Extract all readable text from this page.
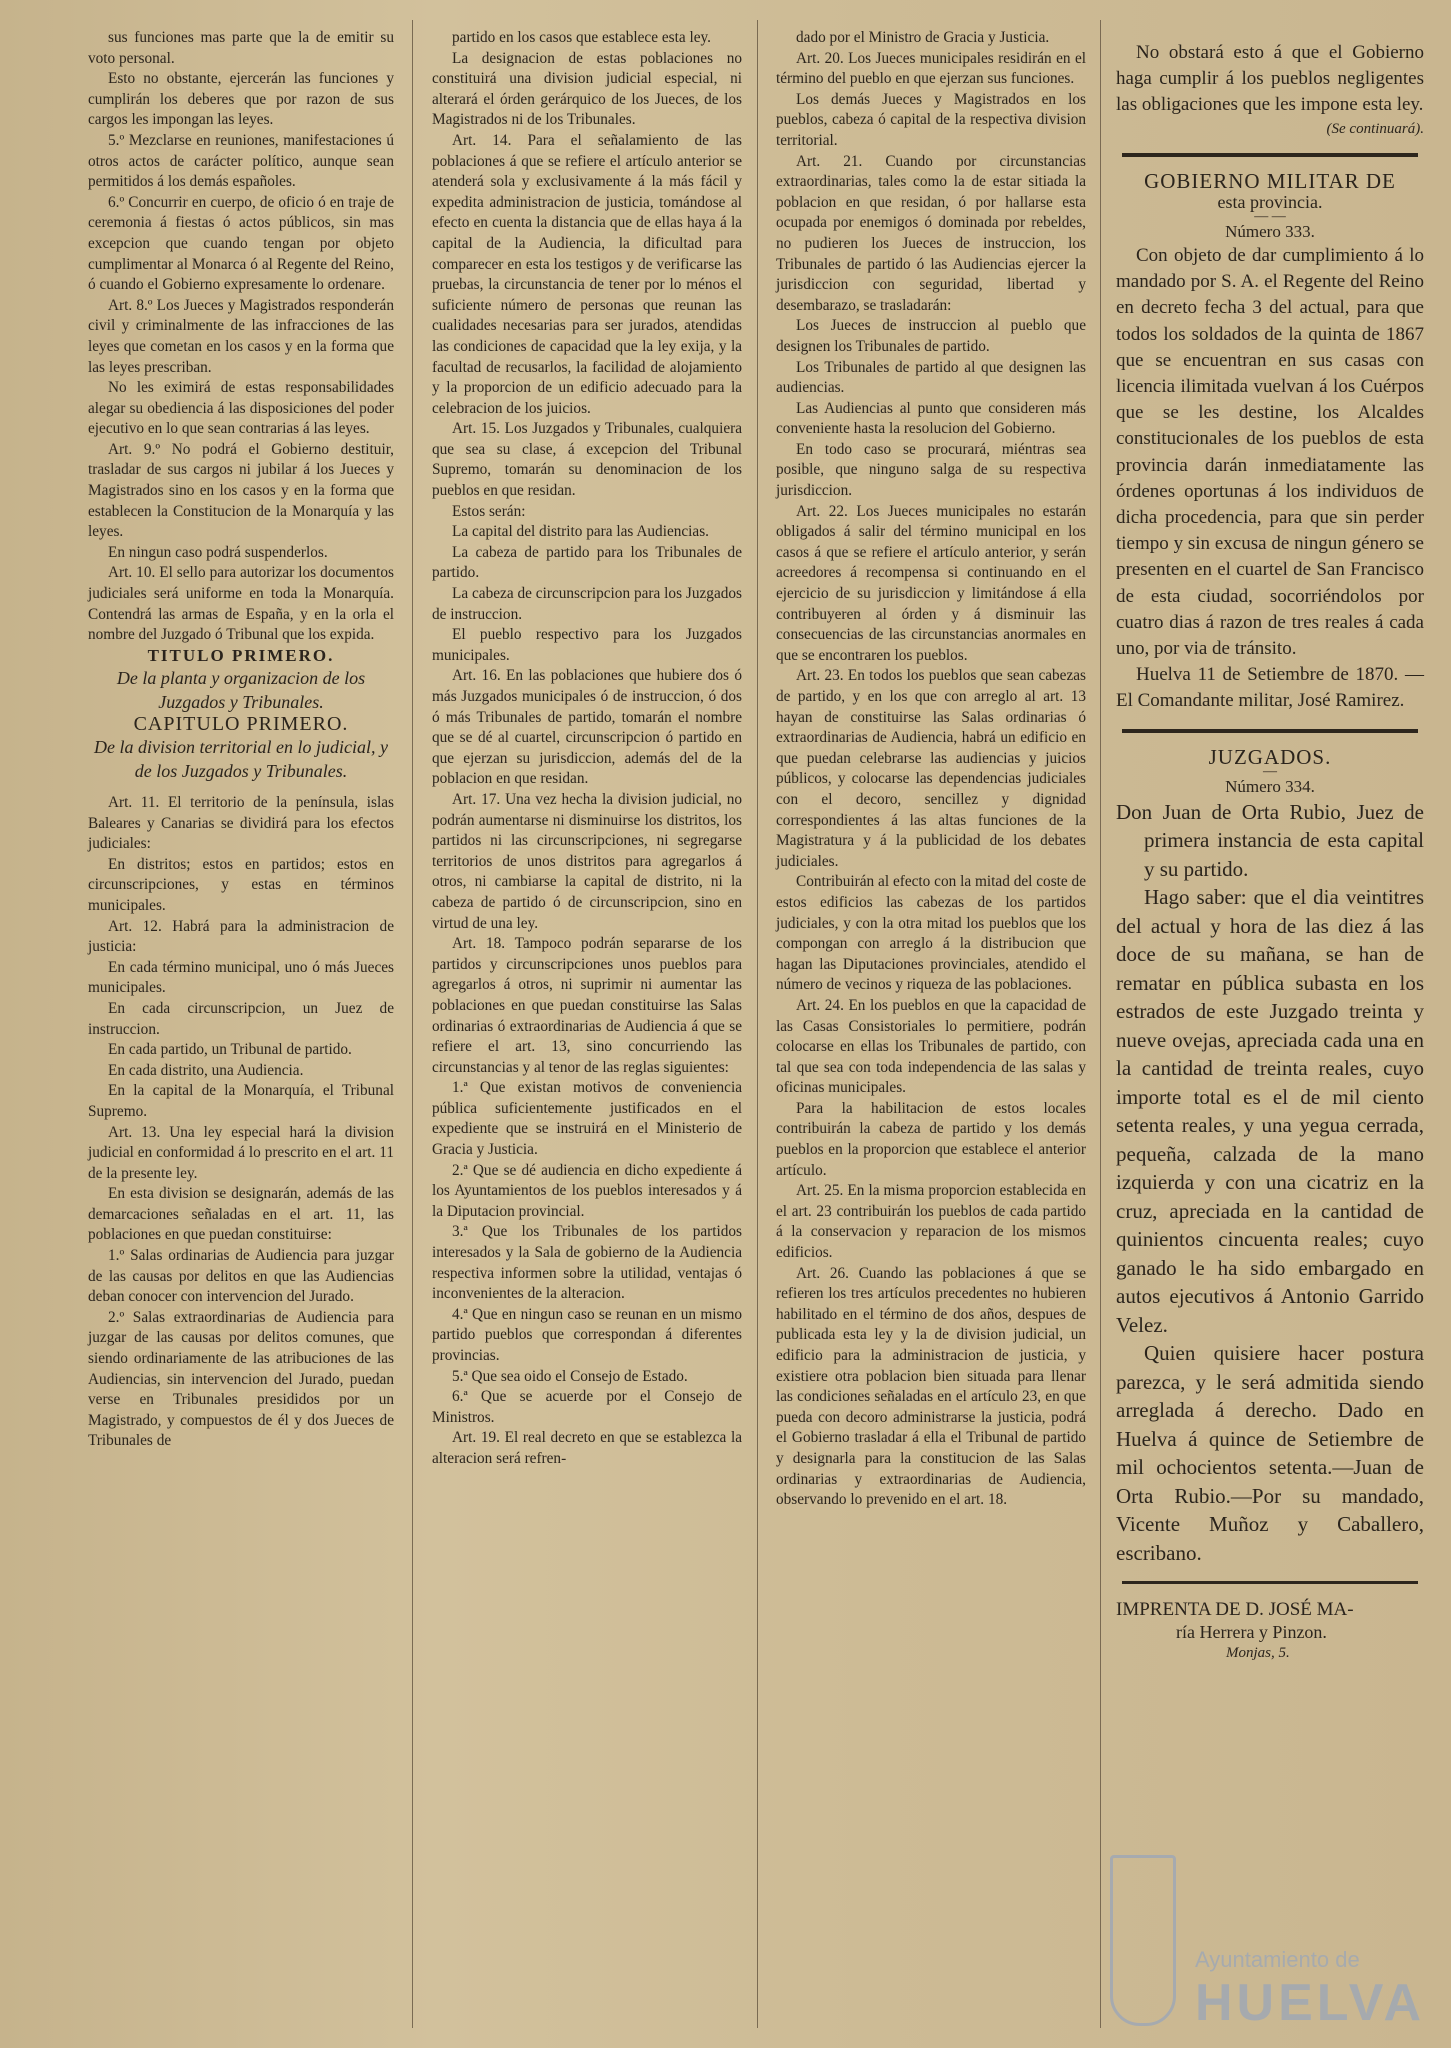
sus funciones mas parte que la de emitir su voto personal.

Esto no obstante, ejercerán las funciones y cumplirán los deberes que por razon de sus cargos les impongan las leyes.

5.º Mezclarse en reuniones, manifestaciones ú otros actos de carácter político, aunque sean permitidos á los demás españoles.

6.º Concurrir en cuerpo, de oficio ó en traje de ceremonia á fiestas ó actos públicos, sin mas excepcion que cuando tengan por objeto cumplimentar al Monarca ó al Regente del Reino, ó cuando el Gobierno expresamente lo ordenare.

Art. 8.º Los Jueces y Magistrados responderán civil y criminalmente de las infracciones de las leyes que cometan en los casos y en la forma que las leyes prescriban.

No les eximirá de estas responsabilidades alegar su obediencia á las disposiciones del poder ejecutivo en lo que sean contrarias á las leyes.

Art. 9.º No podrá el Gobierno destituir, trasladar de sus cargos ni jubilar á los Jueces y Magistrados sino en los casos y en la forma que establecen la Constitucion de la Monarquía y las leyes.

En ningun caso podrá suspenderlos.

Art. 10. El sello para autorizar los documentos judiciales será uniforme en toda la Monarquía. Contendrá las armas de España, y en la orla el nombre del Juzgado ó Tribunal que los expida.

TITULO PRIMERO.

De la planta y organizacion de los Juzgados y Tribunales.

CAPITULO PRIMERO.

De la division territorial en lo judicial, y de los Juzgados y Tribunales.

Art. 11. El territorio de la península, islas Baleares y Canarias se dividirá para los efectos judiciales:

En distritos; estos en partidos; estos en circunscripciones, y estas en términos municipales.

Art. 12. Habrá para la administracion de justicia:

En cada término municipal, uno ó más Jueces municipales.

En cada circunscripcion, un Juez de instruccion.

En cada partido, un Tribunal de partido.

En cada distrito, una Audiencia.

En la capital de la Monarquía, el Tribunal Supremo.

Art. 13. Una ley especial hará la division judicial en conformidad á lo prescrito en el art. 11 de la presente ley.

En esta division se designarán, además de las demarcaciones señaladas en el art. 11, las poblaciones en que puedan constituirse:

1.º Salas ordinarias de Audiencia para juzgar de las causas por delitos en que las Audiencias deban conocer con intervencion del Jurado.

2.º Salas extraordinarias de Audiencia para juzgar de las causas por delitos comunes, que siendo ordinariamente de las atribuciones de las Audiencias, sin intervencion del Jurado, puedan verse en Tribunales presididos por un Magistrado, y compuestos de él y dos Jueces de Tribunales de

partido en los casos que establece esta ley.

La designacion de estas poblaciones no constituirá una division judicial especial, ni alterará el órden gerárquico de los Jueces, de los Magistrados ni de los Tribunales.

Art. 14. Para el señalamiento de las poblaciones á que se refiere el artículo anterior se atenderá sola y exclusivamente á la más fácil y expedita administracion de justicia, tomándose al efecto en cuenta la distancia que de ellas haya á la capital de la Audiencia, la dificultad para comparecer en esta los testigos y de verificarse las pruebas, la circunstancia de tener por lo ménos el suficiente número de personas que reunan las cualidades necesarias para ser jurados, atendidas las condiciones de capacidad que la ley exija, y la facultad de recusarlos, la facilidad de alojamiento y la proporcion de un edificio adecuado para la celebracion de los juicios.

Art. 15. Los Juzgados y Tribunales, cualquiera que sea su clase, á excepcion del Tribunal Supremo, tomarán su denominacion de los pueblos en que residan.

Estos serán:

La capital del distrito para las Audiencias.

La cabeza de partido para los Tribunales de partido.

La cabeza de circunscripcion para los Juzgados de instruccion.

El pueblo respectivo para los Juzgados municipales.

Art. 16. En las poblaciones que hubiere dos ó más Juzgados municipales ó de instruccion, ó dos ó más Tribunales de partido, tomarán el nombre que se dé al cuartel, circunscripcion ó partido en que ejerzan su jurisdiccion, además del de la poblacion en que residan.

Art. 17. Una vez hecha la division judicial, no podrán aumentarse ni disminuirse los distritos, los partidos ni las circunscripciones, ni segregarse territorios de unos distritos para agregarlos á otros, ni cambiarse la capital de distrito, ni la cabeza de partido ó de circunscripcion, sino en virtud de una ley.

Art. 18. Tampoco podrán separarse de los partidos y circunscripciones unos pueblos para agregarlos á otros, ni suprimir ni aumentar las poblaciones en que puedan constituirse las Salas ordinarias ó extraordinarias de Audiencia á que se refiere el art. 13, sino concurriendo las circunstancias y al tenor de las reglas siguientes:

1.ª Que existan motivos de conveniencia pública suficientemente justificados en el expediente que se instruirá en el Ministerio de Gracia y Justicia.

2.ª Que se dé audiencia en dicho expediente á los Ayuntamientos de los pueblos interesados y á la Diputacion provincial.

3.ª Que los Tribunales de los partidos interesados y la Sala de gobierno de la Audiencia respectiva informen sobre la utilidad, ventajas ó inconvenientes de la alteracion.

4.ª Que en ningun caso se reunan en un mismo partido pueblos que correspondan á diferentes provincias.

5.ª Que sea oido el Consejo de Estado.

6.ª Que se acuerde por el Consejo de Ministros.

Art. 19. El real decreto en que se establezca la alteracion será refren-

dado por el Ministro de Gracia y Justicia.

Art. 20. Los Jueces municipales residirán en el término del pueblo en que ejerzan sus funciones.

Los demás Jueces y Magistrados en los pueblos, cabeza ó capital de la respectiva division territorial.

Art. 21. Cuando por circunstancias extraordinarias, tales como la de estar sitiada la poblacion en que residan, ó por hallarse esta ocupada por enemigos ó dominada por rebeldes, no pudieren los Jueces de instruccion, los Tribunales de partido ó las Audiencias ejercer la jurisdiccion con seguridad, libertad y desembarazo, se trasladarán:

Los Jueces de instruccion al pueblo que designen los Tribunales de partido.

Los Tribunales de partido al que designen las audiencias.

Las Audiencias al punto que consideren más conveniente hasta la resolucion del Gobierno.

En todo caso se procurará, miéntras sea posible, que ninguno salga de su respectiva jurisdiccion.

Art. 22. Los Jueces municipales no estarán obligados á salir del término municipal en los casos á que se refiere el artículo anterior, y serán acreedores á recompensa si continuando en el ejercicio de su jurisdiccion y limitándose á ella contribuyeren al órden y á disminuir las consecuencias de las circunstancias anormales en que se encontraren los pueblos.

Art. 23. En todos los pueblos que sean cabezas de partido, y en los que con arreglo al art. 13 hayan de constituirse las Salas ordinarias ó extraordinarias de Audiencia, habrá un edificio en que puedan celebrarse las audiencias y juicios públicos, y colocarse las dependencias judiciales con el decoro, sencillez y dignidad correspondientes á las altas funciones de la Magistratura y á la publicidad de los debates judiciales.

Contribuirán al efecto con la mitad del coste de estos edificios las cabezas de los partidos judiciales, y con la otra mitad los pueblos que los compongan con arreglo á la distribucion que hagan las Diputaciones provinciales, atendido el número de vecinos y riqueza de las poblaciones.

Art. 24. En los pueblos en que la capacidad de las Casas Consistoriales lo permitiere, podrán colocarse en ellas los Tribunales de partido, con tal que sea con toda independencia de las salas y oficinas municipales.

Para la habilitacion de estos locales contribuirán la cabeza de partido y los demás pueblos en la proporcion que establece el anterior artículo.

Art. 25. En la misma proporcion establecida en el art. 23 contribuirán los pueblos de cada partido á la conservacion y reparacion de los mismos edificios.

Art. 26. Cuando las poblaciones á que se refieren los tres artículos precedentes no hubieren habilitado en el término de dos años, despues de publicada esta ley y la de division judicial, un edificio para la administracion de justicia, y existiere otra poblacion bien situada para llenar las condiciones señaladas en el artículo 23, en que pueda con decoro administrarse la justicia, podrá el Gobierno trasladar á ella el Tribunal de partido y designarla para la constitucion de las Salas ordinarias y extraordinarias de Audiencia, observando lo prevenido en el art. 18.

No obstará esto á que el Gobierno haga cumplir á los pueblos negligentes las obligaciones que les impone esta ley.

(Se continuará).

GOBIERNO MILITAR DE

esta provincia.

— —

Número 333.

Con objeto de dar cumplimiento á lo mandado por S. A. el Regente del Reino en decreto fecha 3 del actual, para que todos los soldados de la quinta de 1867 que se encuentran en sus casas con licencia ilimitada vuelvan á los Cuérpos que se les destine, los Alcaldes constitucionales de los pueblos de esta provincia darán inmediatamente las órdenes oportunas á los individuos de dicha procedencia, para que sin perder tiempo y sin excusa de ningun género se presenten en el cuartel de San Francisco de esta ciudad, socorriéndolos por cuatro dias á razon de tres reales á cada uno, por via de tránsito.

Huelva 11 de Setiembre de 1870. —El Comandante militar, José Ramirez.

JUZGADOS.

—

Número 334.

Don Juan de Orta Rubio, Juez de primera instancia de esta capital y su partido.

Hago saber: que el dia veintitres del actual y hora de las diez á las doce de su mañana, se han de rematar en pública subasta en los estrados de este Juzgado treinta y nueve ovejas, apreciada cada una en la cantidad de treinta reales, cuyo importe total es el de mil ciento setenta reales, y una yegua cerrada, pequeña, calzada de la mano izquierda y con una cicatriz en la cruz, apreciada en la cantidad de quinientos cincuenta reales; cuyo ganado le ha sido embargado en autos ejecutivos á Antonio Garrido Velez.

Quien quisiere hacer postura parezca, y le será admitida siendo arreglada á derecho. Dado en Huelva á quince de Setiembre de mil ochocientos setenta.—Juan de Orta Rubio.—Por su mandado, Vicente Muñoz y Caballero, escribano.

IMPRENTA DE D. JOSÉ MA-

ría Herrera y Pinzon.

Monjas, 5.

Ayuntamiento de
HUELVA
